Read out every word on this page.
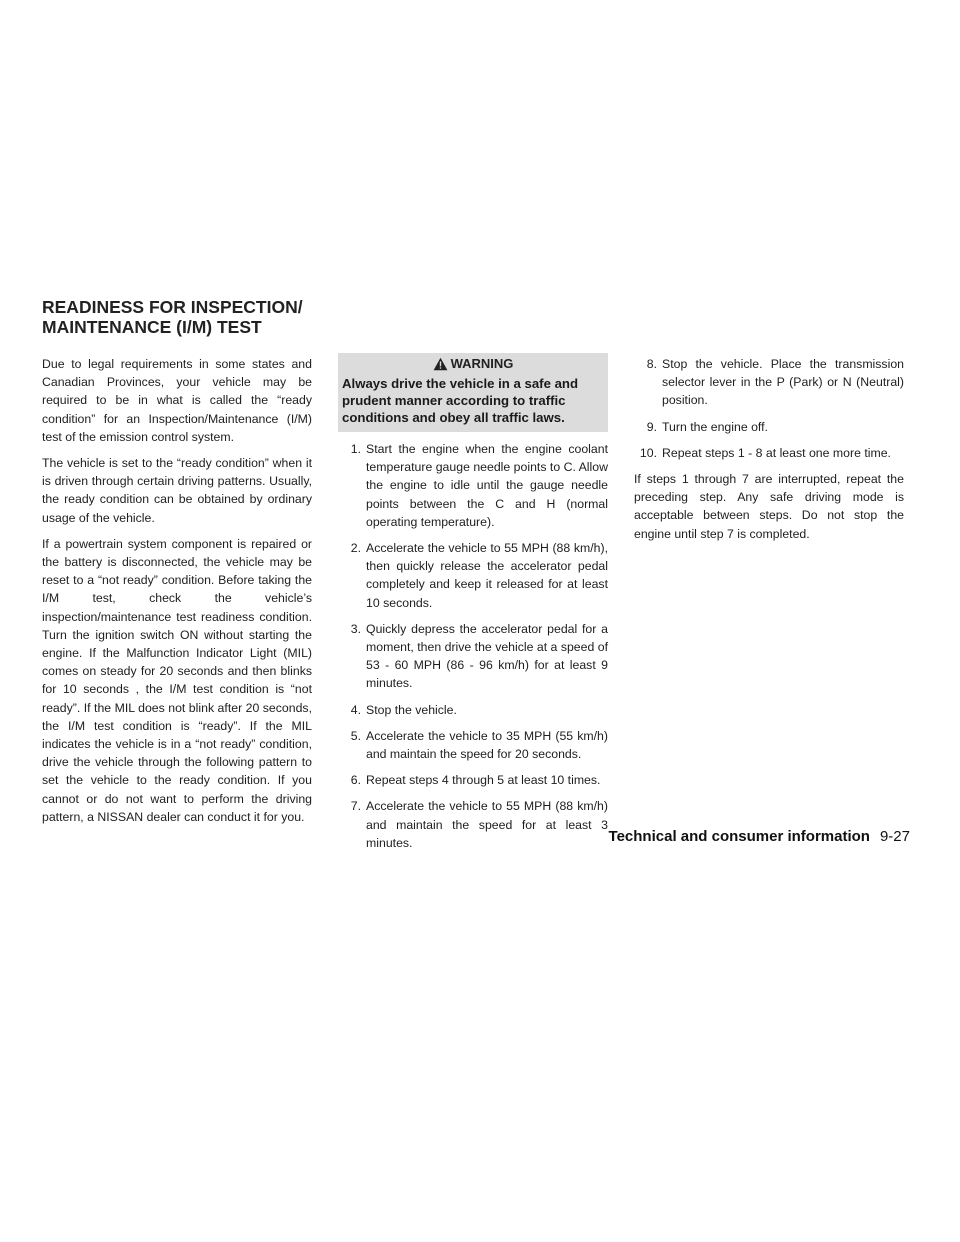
READINESS FOR INSPECTION/
MAINTENANCE (I/M) TEST

Due to legal requirements in some states and Canadian Provinces, your vehicle may be required to be in what is called the “ready condition” for an Inspection/Maintenance (I/M) test of the emission control system.

The vehicle is set to the “ready condition” when it is driven through certain driving patterns. Usually, the ready condition can be obtained by ordinary usage of the vehicle.

If a powertrain system component is repaired or the battery is disconnected, the vehicle may be reset to a “not ready” condition. Before taking the I/M test, check the vehicle’s inspection/maintenance test readiness condition. Turn the ignition switch ON without starting the engine. If the Malfunction Indicator Light (MIL) comes on steady for 20 seconds and then blinks for 10 seconds , the I/M test condition is “not ready”. If the MIL does not blink after 20 seconds, the I/M test condition is “ready”. If the MIL indicates the vehicle is in a “not ready” condition, drive the vehicle through the following pattern to set the vehicle to the ready condition. If you cannot or do not want to perform the driving pattern, a NISSAN dealer can conduct it for you.

WARNING
Always drive the vehicle in a safe and prudent manner according to traffic conditions and obey all traffic laws.
1. Start the engine when the engine coolant temperature gauge needle points to C. Allow the engine to idle until the gauge needle points between the C and H (normal operating temperature).
2. Accelerate the vehicle to 55 MPH (88 km/h), then quickly release the accelerator pedal completely and keep it released for at least 10 seconds.
3. Quickly depress the accelerator pedal for a moment, then drive the vehicle at a speed of 53 - 60 MPH (86 - 96 km/h) for at least 9 minutes.
4. Stop the vehicle.
5. Accelerate the vehicle to 35 MPH (55 km/h) and maintain the speed for 20 seconds.
6. Repeat steps 4 through 5 at least 10 times.
7. Accelerate the vehicle to 55 MPH (88 km/h) and maintain the speed for at least 3 minutes.
8. Stop the vehicle. Place the transmission selector lever in the P (Park) or N (Neutral) position.
9. Turn the engine off.
10. Repeat steps 1 - 8 at least one more time.

If steps 1 through 7 are interrupted, repeat the preceding step. Any safe driving mode is acceptable between steps. Do not stop the engine until step 7 is completed.

Technical and consumer information 9-27
